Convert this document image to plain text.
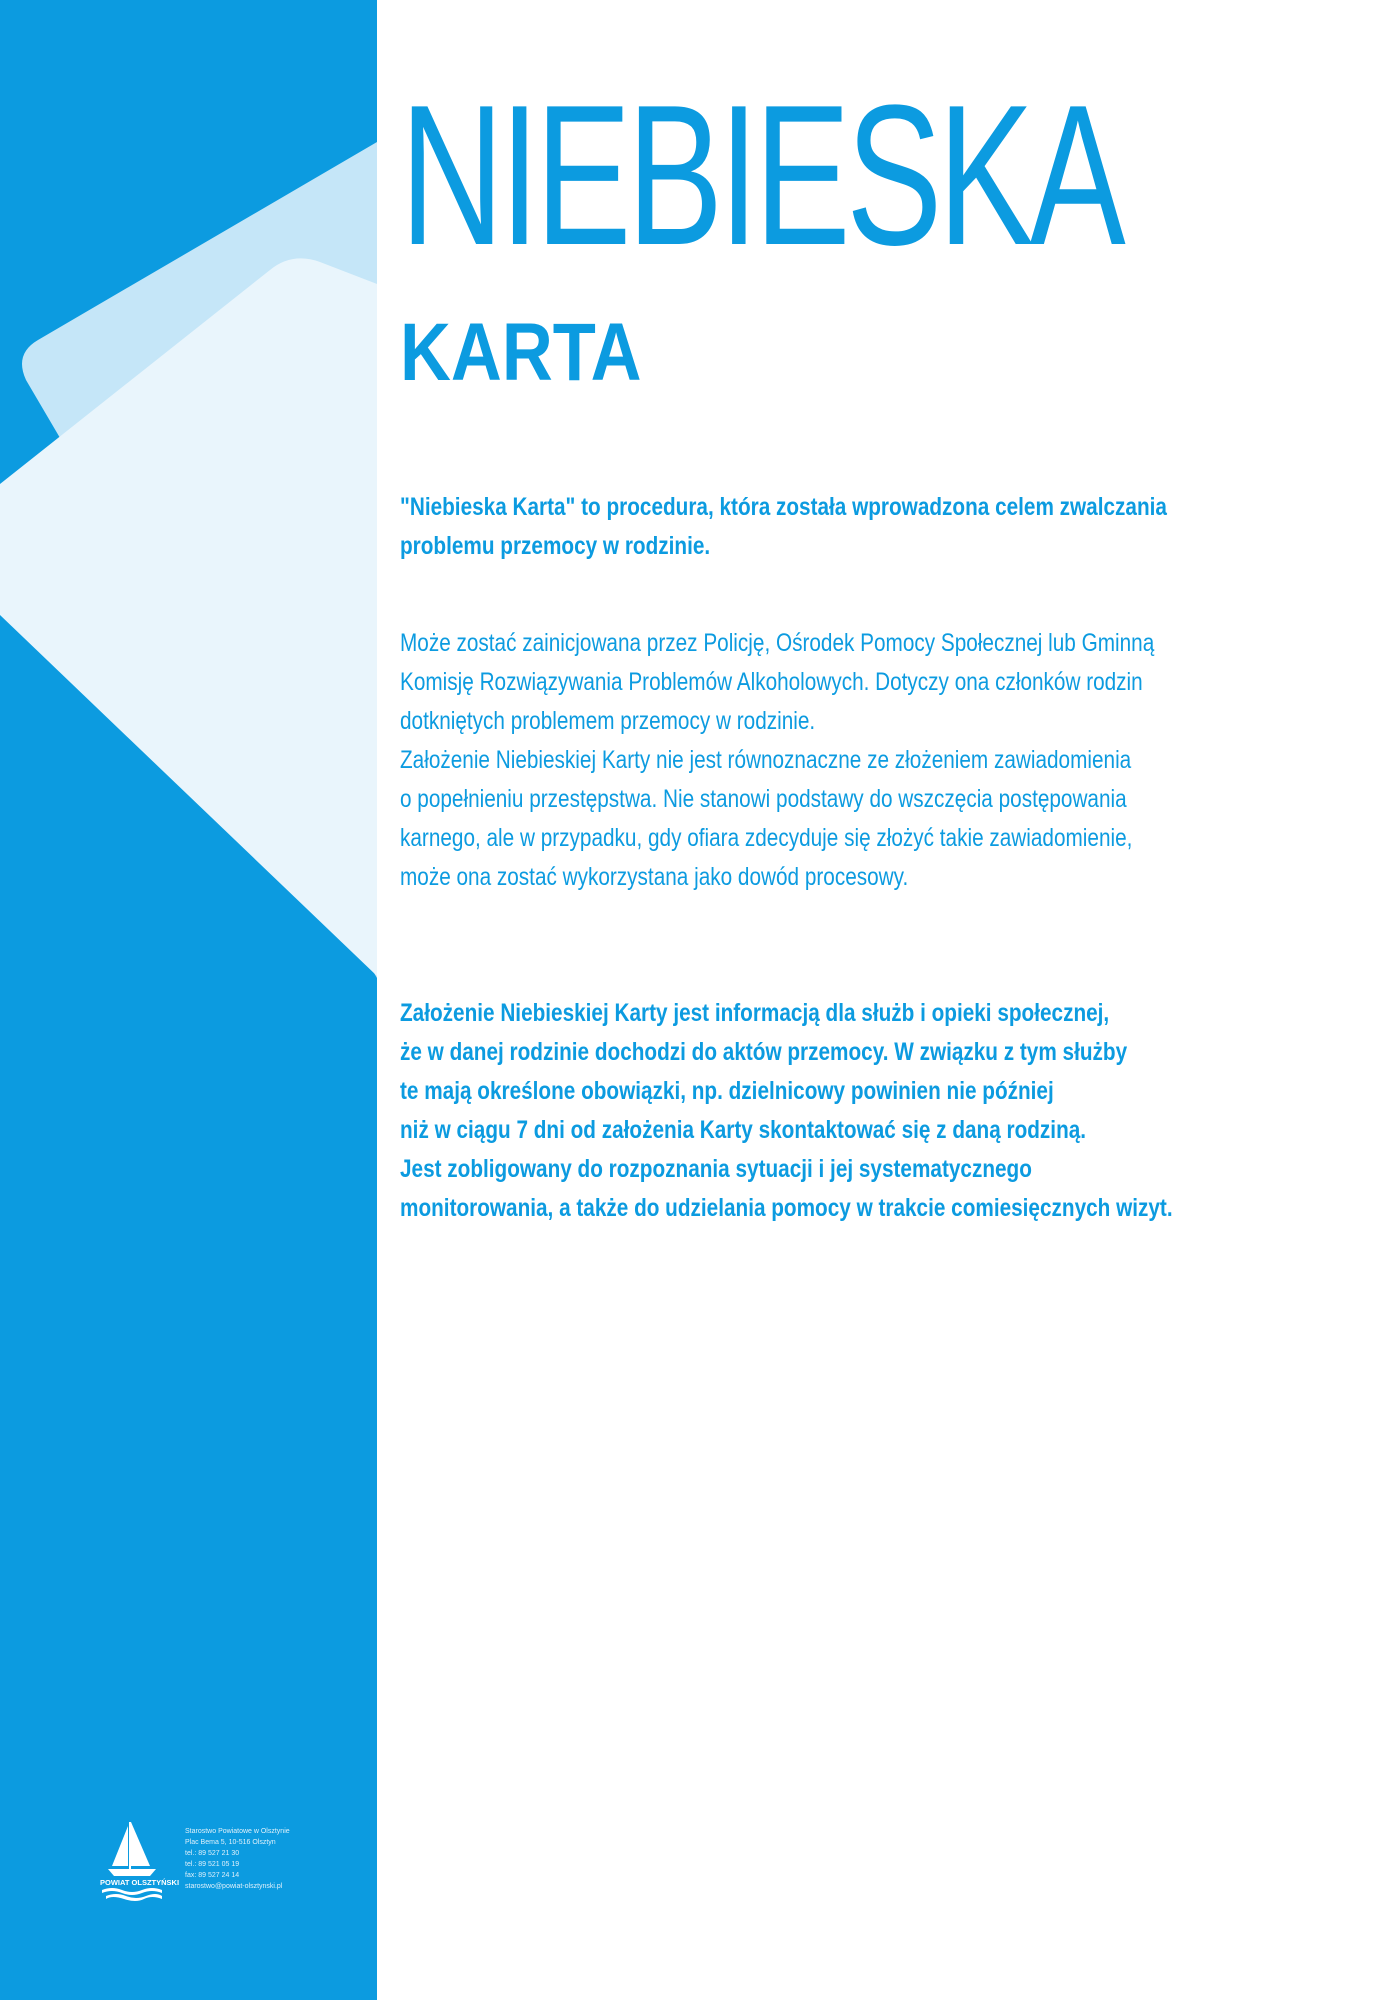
POWIAT OLSZTYŃSKI
Starostwo Powiatowe w Olsztynie
Plac Bema 5, 10-516 Olsztyn
tel.: 89 527 21 30
tel.: 89 521 05 19
fax: 89 527 24 14
starostwo@powiat-olsztynski.pl
NIEBIESKA
KARTA
"Niebieska Karta" to procedura, która została wprowadzona celem zwalczania
problemu przemocy w rodzinie.
Może zostać zainicjowana przez Policję, Ośrodek Pomocy Społecznej lub Gminną
Komisję Rozwiązywania Problemów Alkoholowych. Dotyczy ona członków rodzin
dotkniętych problemem przemocy w rodzinie.
Założenie Niebieskiej Karty nie jest równoznaczne ze złożeniem zawiadomienia
o popełnieniu przestępstwa. Nie stanowi podstawy do wszczęcia postępowania
karnego, ale w przypadku, gdy ofiara zdecyduje się złożyć takie zawiadomienie,
może ona zostać wykorzystana jako dowód procesowy.
Założenie Niebieskiej Karty jest informacją dla służb i opieki społecznej,
że w danej rodzinie dochodzi do aktów przemocy. W związku z tym służby
te mają określone obowiązki, np. dzielnicowy powinien nie później
niż w ciągu 7 dni od założenia Karty skontaktować się z daną rodziną.
Jest zobligowany do rozpoznania sytuacji i jej systematycznego
monitorowania, a także do udzielania pomocy w trakcie comiesięcznych wizyt.
